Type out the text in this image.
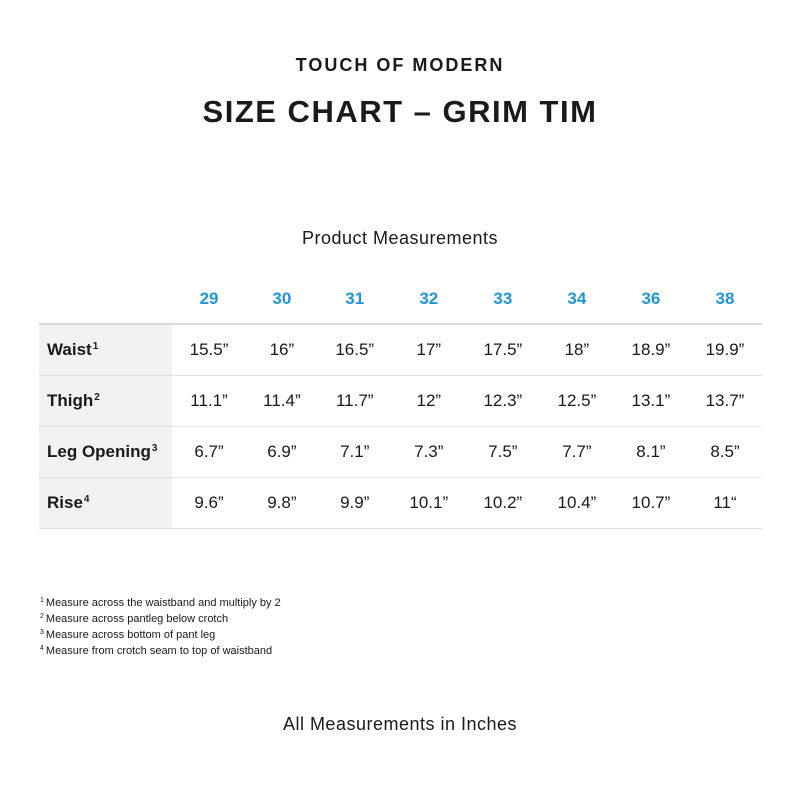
TOUCH OF MODERN
SIZE CHART – GRIM TIM
Product Measurements
	29	30	31	32	33	34	36	38
Waist$^1$	15.5”	16”	16.5”	17”	17.5”	18”	18.9”	19.9”
Thigh$^2$	11.1”	11.4”	11.7”	12”	12.3”	12.5”	13.1”	13.7”
Leg Opening$^3$	6.7”	6.9”	7.1”	7.3”	7.5”	7.7”	8.1”	8.5”
Rise$^4$	9.6”	9.8”	9.9”	10.1”	10.2”	10.4”	10.7”	11“
$^1$ Measure across the waistband and multiply by 2
$^2$ Measure across pantleg below crotch
$^3$ Measure across bottom of pant leg
$^4$ Measure from crotch seam to top of waistband
All Measurements in Inches
